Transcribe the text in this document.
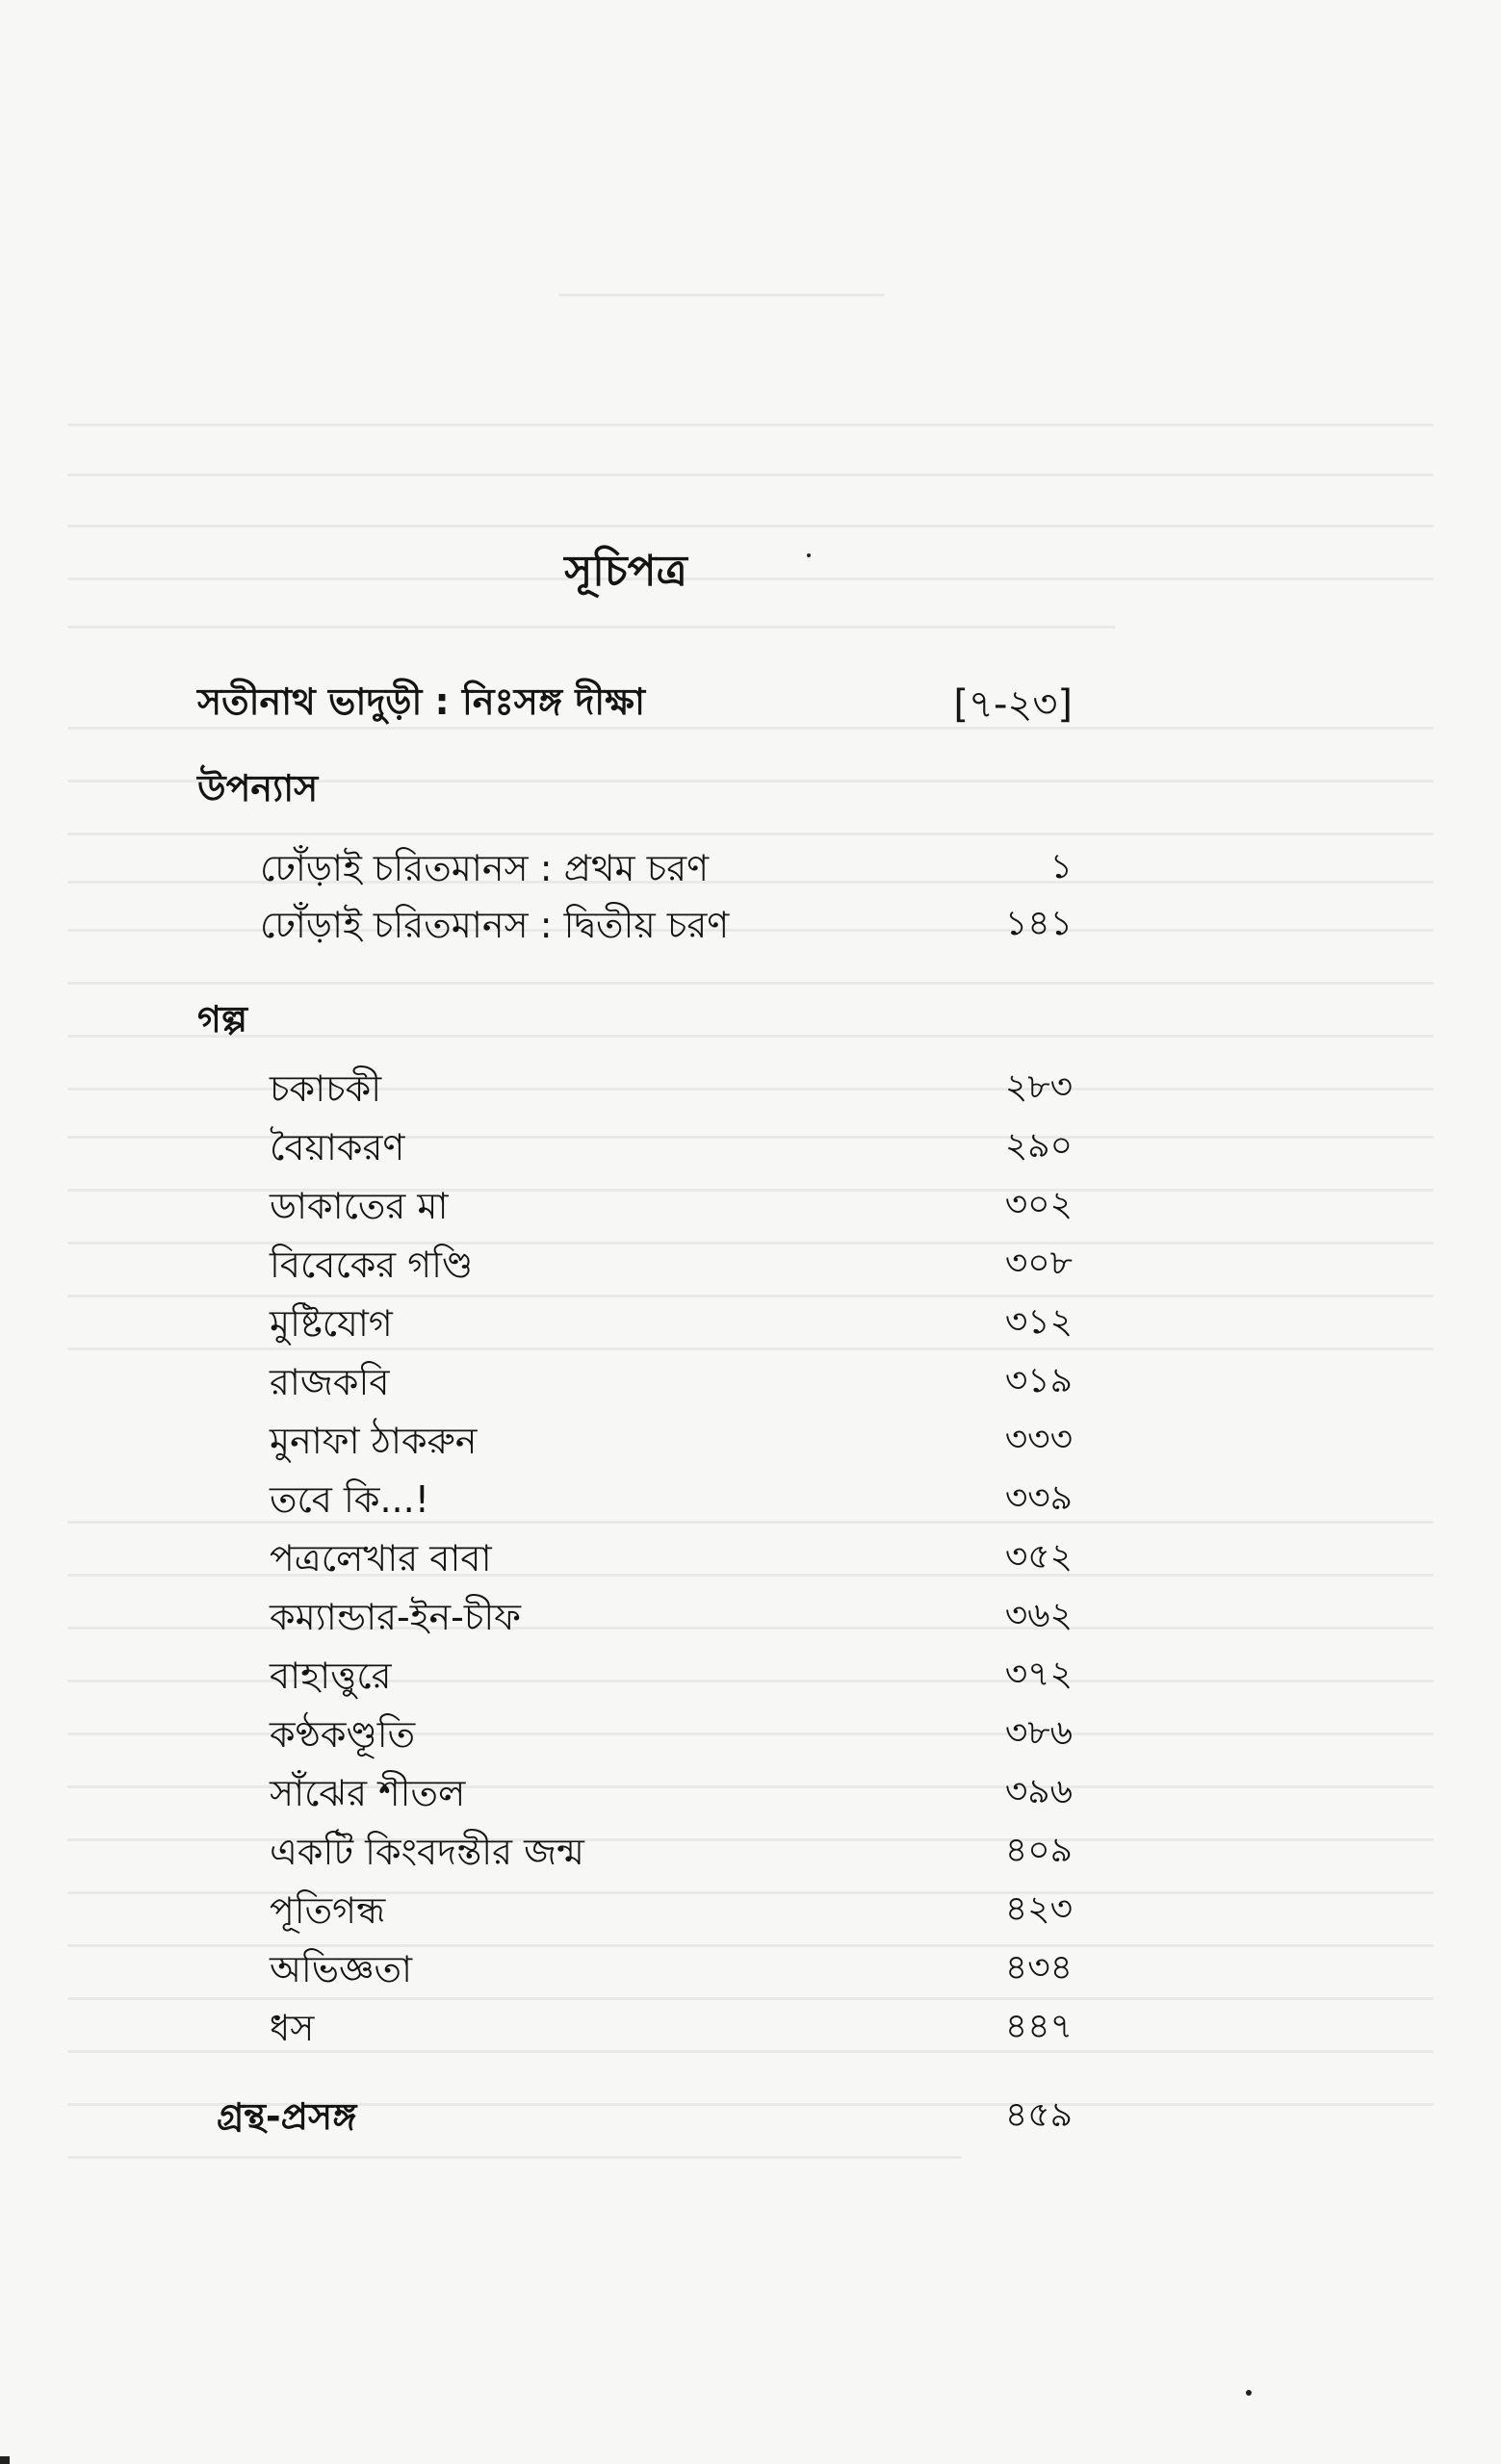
সূচিপত্র
সতীনাথ ভাদুড়ী : নিঃসঙ্গ দীক্ষা	[৭-২৩]
উপন্যাস
ঢোঁড়াই চরিতমানস : প্রথম চরণ	১
ঢোঁড়াই চরিতমানস : দ্বিতীয় চরণ	১৪১
গল্প
চকাচকী	২৮৩
বৈয়াকরণ	২৯০
ডাকাতের মা	৩০২
বিবেকের গণ্ডি	৩০৮
মুষ্টিযোগ	৩১২
রাজকবি	৩১৯
মুনাফা ঠাকরুন	৩৩৩
তবে কি...!	৩৩৯
পত্রলেখার বাবা	৩৫২
কম্যান্ডার-ইন-চীফ	৩৬২
বাহাত্তুরে	৩৭২
কণ্ঠকণ্ডূতি	৩৮৬
সাঁঝের শীতল	৩৯৬
একটি কিংবদন্তীর জন্ম	৪০৯
পূতিগন্ধ	৪২৩
অভিজ্ঞতা	৪৩৪
ধস	৪৪৭
গ্রন্থ-প্রসঙ্গ	৪৫৯
